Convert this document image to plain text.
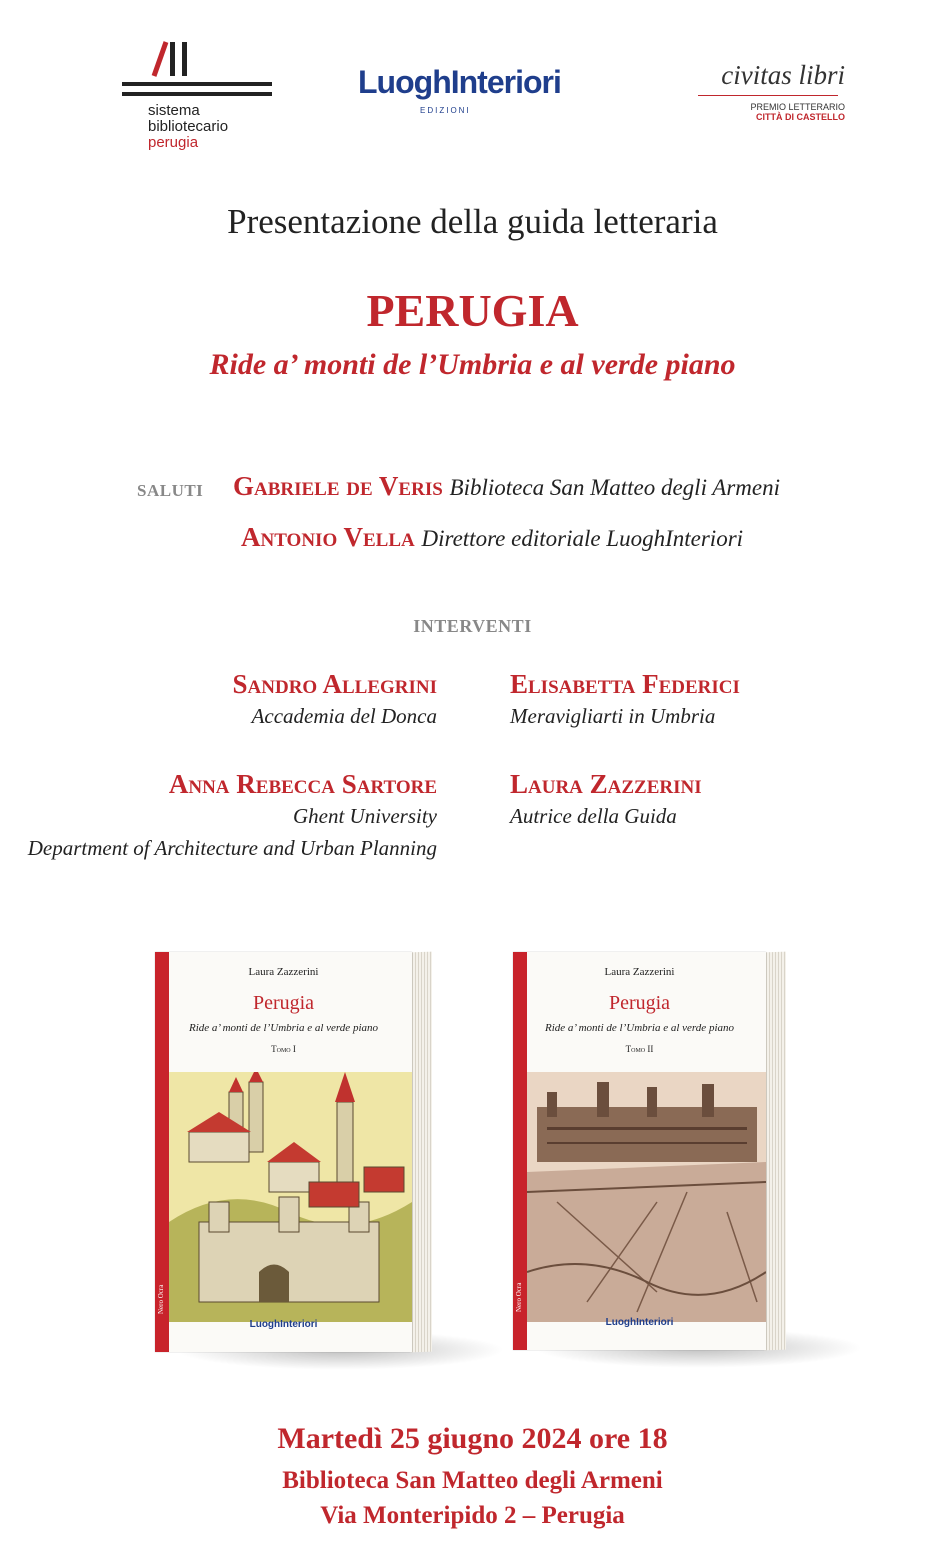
sistema
bibliotecario
perugia
LuoghInteriori
EDIZIONI
civitas libri
PREMIO LETTERARIO
CITTÀ DI CASTELLO
Presentazione della guida letteraria
PERUGIA
Ride a’ monti de l’Umbria e al verde piano
SALUTI Gabriele de Veris Biblioteca San Matteo degli Armeni
Antonio Vella Direttore editoriale LuoghInteriori
INTERVENTI
Sandro Allegrini
Accademia del Donca
Elisabetta Federici
Meravigliarti in Umbria
Anna Rebecca Sartore
Ghent University
Department of Architecture and Urban Planning
Laura Zazzerini
Autrice della Guida
Laura Zazzerini
Perugia
Ride a’ monti de l’Umbria e al verde piano
Tomo I
Nero Ocra
LuoghInteriori
Laura Zazzerini
Perugia
Ride a’ monti de l’Umbria e al verde piano
Tomo II
Nero Ocra
LuoghInteriori
Martedì 25 giugno 2024 ore 18
Biblioteca San Matteo degli Armeni
Via Monteripido 2 – Perugia
